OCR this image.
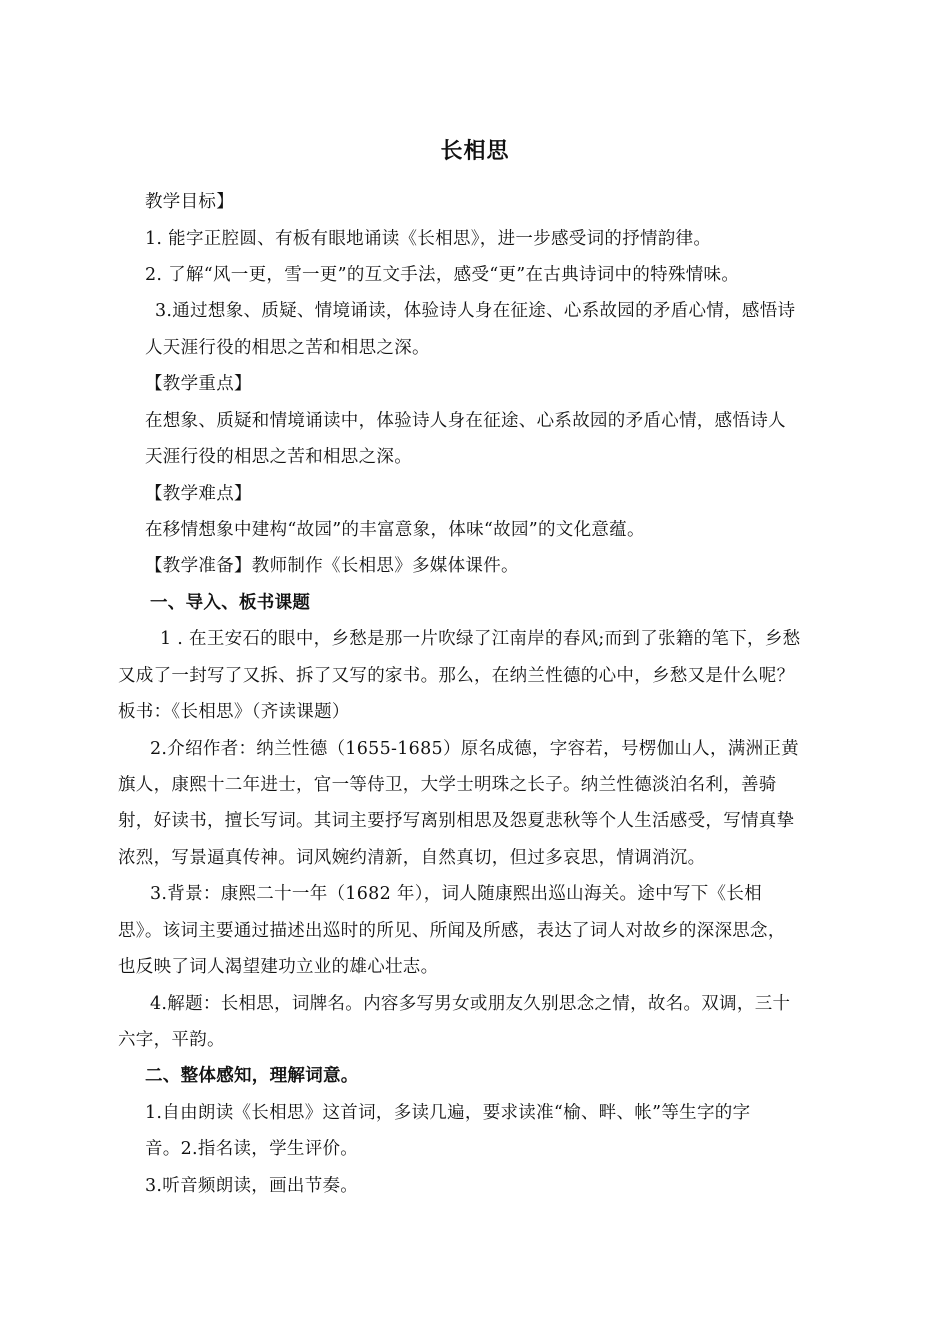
长相思
教学目标】
1. 能字正腔圆、有板有眼地诵读《长相思》，进一步感受词的抒情韵律。
2. 了解“风一更，雪一更”的互文手法，感受“更”在古典诗词中的特殊情味。
3.通过想象、质疑、情境诵读，体验诗人身在征途、心系故园的矛盾心情，感悟诗
人天涯行役的相思之苦和相思之深。
【教学重点】
在想象、质疑和情境诵读中，体验诗人身在征途、心系故园的矛盾心情，感悟诗人
天涯行役的相思之苦和相思之深。
【教学难点】
在移情想象中建构“故园”的丰富意象，体味“故园”的文化意蕴。
【教学准备】教师制作《长相思》多媒体课件。
一、导入、板书课题
1 . 在王安石的眼中，乡愁是那一片吹绿了江南岸的春风;而到了张籍的笔下，乡愁
又成了一封写了又拆、拆了又写的家书。那么，在纳兰性德的心中，乡愁又是什么呢？
板书：《长相思》（齐读课题）
2.介绍作者：纳兰性德（1655-1685）原名成德，字容若，号楞伽山人，满洲正黄
旗人，康熙十二年进士，官一等侍卫，大学士明珠之长子。纳兰性德淡泊名利，善骑
射，好读书，擅长写词。其词主要抒写离别相思及怨夏悲秋等个人生活感受，写情真挚
浓烈，写景逼真传神。词风婉约清新，自然真切，但过多哀思，情调消沉。
3.背景：康熙二十一年（1682 年），词人随康熙出巡山海关。途中写下《长相
思》。该词主要通过描述出巡时的所见、所闻及所感，表达了词人对故乡的深深思念，
也反映了词人渴望建功立业的雄心壮志。
4.解题：长相思，词牌名。内容多写男女或朋友久别思念之情，故名。双调，三十
六字，平韵。
二、整体感知，理解词意。
1.自由朗读《长相思》这首词，多读几遍，要求读准“榆、畔、帐”等生字的字
音。2.指名读，学生评价。
3.听音频朗读，画出节奏。
